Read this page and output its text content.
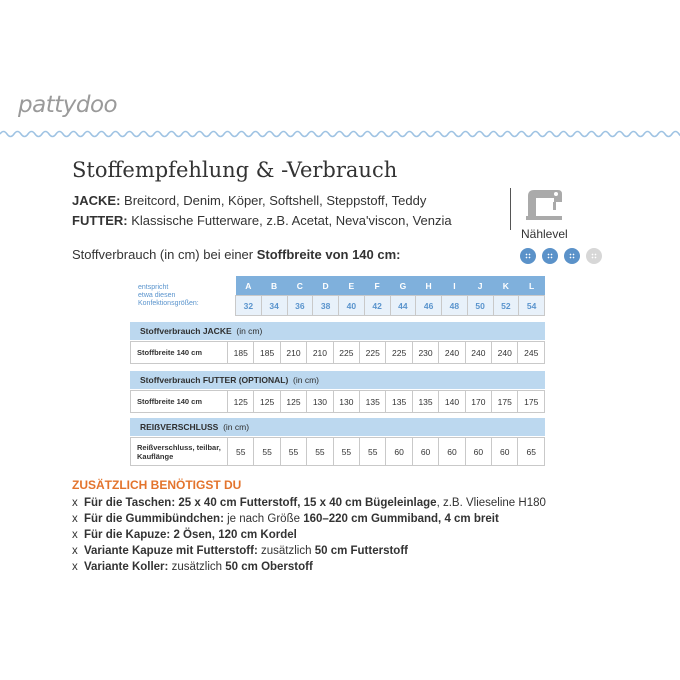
pattydoo
Stoffempfehlung & -Verbrauch
JACKE: Breitcord, Denim, Köper, Softshell, Steppstoff, Teddy
FUTTER: Klassische Futterware, z.B. Acetat, Neva'viscon, Venzia
Nählevel
Stoffverbrauch (in cm) bei einer Stoffbreite von 140 cm:
entspricht
etwa diesen
Konfektionsgrößen:	A	B	C	D	E	F	G	H	I	J	K	L
	32	34	36	38	40	42	44	46	48	50	52	54
Stoffverbrauch JACKE (in cm)
Stoffbreite 140 cm	185	185	210	210	225	225	225	230	240	240	240	245
Stoffverbrauch FUTTER (OPTIONAL) (in cm)
Stoffbreite 140 cm	125	125	125	130	130	135	135	135	140	170	175	175
REIẞVERSCHLUSS (in cm)
Reißverschluss, teilbar, Kauflänge	55	55	55	55	55	55	60	60	60	60	60	65
ZUSÄTZLICH BENÖTIGST DU
x Für die Taschen: 25 x 40 cm Futterstoff, 15 x 40 cm Bügeleinlage, z.B. Vlieseline H180
x Für die Gummibündchen: je nach Größe 160–220 cm Gummiband, 4 cm breit
x Für die Kapuze: 2 Ösen, 120 cm Kordel
x Variante Kapuze mit Futterstoff: zusätzlich 50 cm Futterstoff
x Variante Koller: zusätzlich 50 cm Oberstoff
